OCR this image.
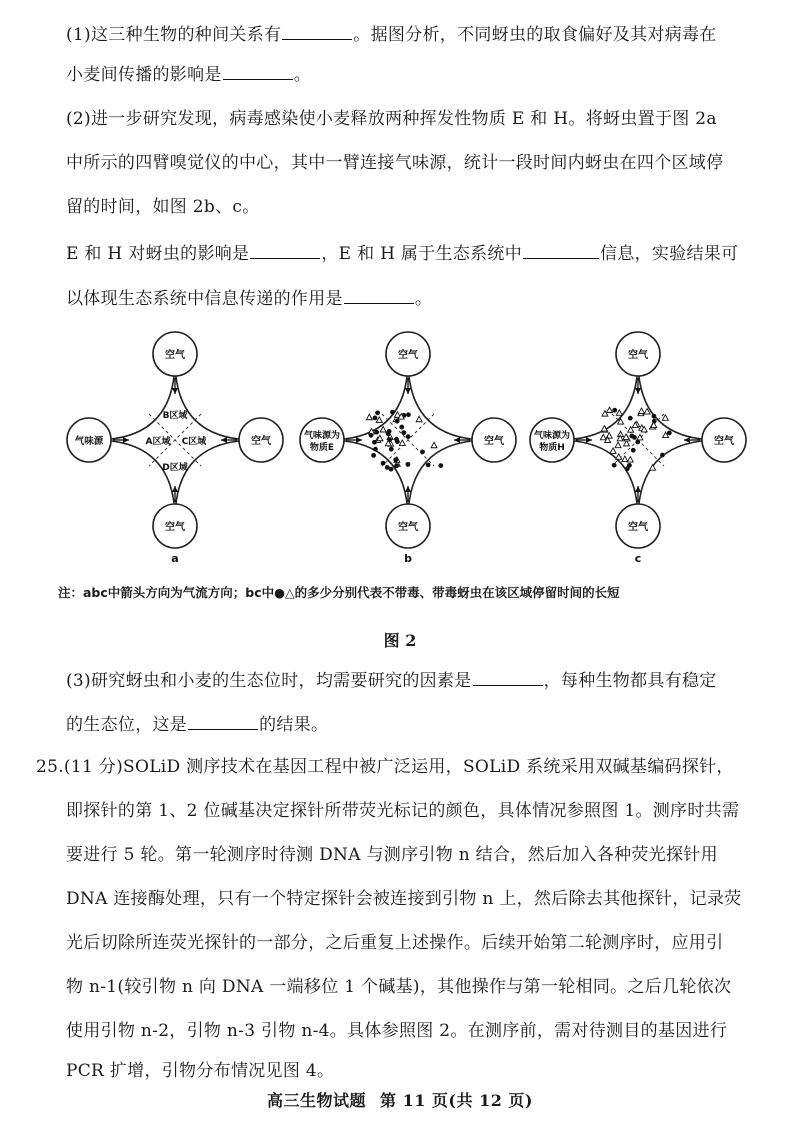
(1)这三种生物的种间关系有	。据图分析，不同蚜虫的取食偏好及其对病毒在
小麦间传播的影响是	。
(2)进一步研究发现，病毒感染使小麦释放两种挥发性物质 E 和 H。将蚜虫置于图 2a
中所示的四臂嗅觉仪的中心，其中一臂连接气味源，统计一段时间内蚜虫在四个区域停
留的时间，如图 2b、c。
E 和 H 对蚜虫的影响是	，E 和 H 属于生态系统中	信息，实验结果可
以体现生态系统中信息传递的作用是	。
空气
空气
空气
气味源
B区域
A区域 C区域
D区域
a
空气
空气
空气
气味源为
物质E
b
空气
空气
空气
气味源为
物质H
c
注：abc中箭头方向为气流方向；bc中●△的多少分别代表不带毒、带毒蚜虫在该区域停留时间的长短
图 2
(3)研究蚜虫和小麦的生态位时，均需要研究的因素是	，每种生物都具有稳定
的生态位，这是	的结果。
25.(11 分)SOLiD 测序技术在基因工程中被广泛运用，SOLiD 系统采用双碱基编码探针，
即探针的第 1、2 位碱基决定探针所带荧光标记的颜色，具体情况参照图 1。测序时共需
要进行 5 轮。第一轮测序时待测 DNA 与测序引物 n 结合，然后加入各种荧光探针用
DNA 连接酶处理，只有一个特定探针会被连接到引物 n 上，然后除去其他探针，记录荧
光后切除所连荧光探针的一部分，之后重复上述操作。后续开始第二轮测序时，应用引
物 n-1(较引物 n 向 DNA 一端移位 1 个碱基)，其他操作与第一轮相同。之后几轮依次
使用引物 n-2，引物 n-3 引物 n-4。具体参照图 2。在测序前，需对待测目的基因进行
PCR 扩增，引物分布情况见图 4。
高三生物试题 第 11 页(共 12 页)
